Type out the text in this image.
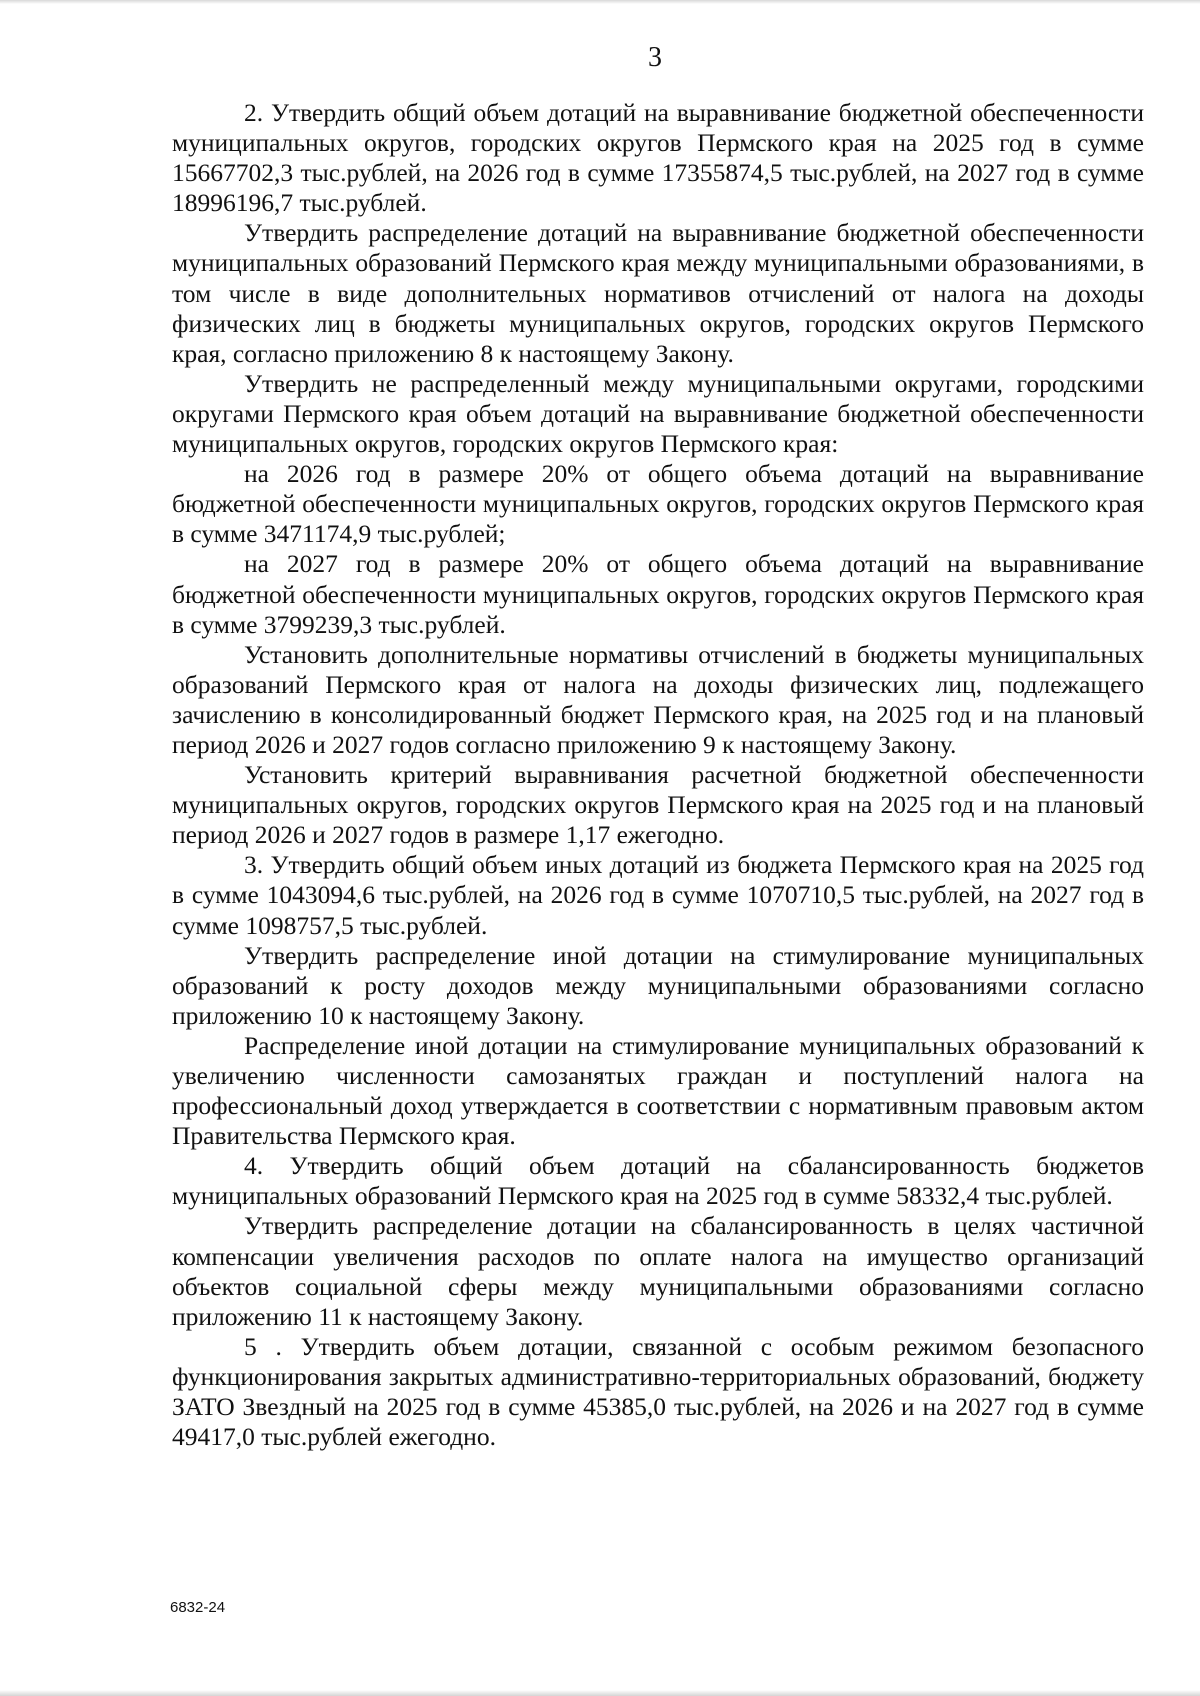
3

2. Утвердить общий объем дотаций на выравнивание бюджетной обеспеченности муниципальных округов, городских округов Пермского края на 2025 год в сумме 15667702,3 тыс.рублей, на 2026 год в сумме 17355874,5 тыс.рублей, на 2027 год в сумме 18996196,7 тыс.рублей.

Утвердить распределение дотаций на выравнивание бюджетной обеспеченности муниципальных образований Пермского края между муниципальными образованиями, в том числе в виде дополнительных нормативов отчислений от налога на доходы физических лиц в бюджеты муниципальных округов, городских округов Пермского края, согласно приложению 8 к настоящему Закону.

Утвердить не распределенный между муниципальными округами, городскими округами Пермского края объем дотаций на выравнивание бюджетной обеспеченности муниципальных округов, городских округов Пермского края:

на 2026 год в размере 20% от общего объема дотаций на выравнивание бюджетной обеспеченности муниципальных округов, городских округов Пермского края в сумме 3471174,9 тыс.рублей;

на 2027 год в размере 20% от общего объема дотаций на выравнивание бюджетной обеспеченности муниципальных округов, городских округов Пермского края в сумме 3799239,3 тыс.рублей.

Установить дополнительные нормативы отчислений в бюджеты муниципальных образований Пермского края от налога на доходы физических лиц, подлежащего зачислению в консолидированный бюджет Пермского края, на 2025 год и на плановый период 2026 и 2027 годов согласно приложению 9 к настоящему Закону.

Установить критерий выравнивания расчетной бюджетной обеспеченности муниципальных округов, городских округов Пермского края на 2025 год и на плановый период 2026 и 2027 годов в размере 1,17 ежегодно.

3. Утвердить общий объем иных дотаций из бюджета Пермского края на 2025 год в сумме 1043094,6 тыс.рублей, на 2026 год в сумме 1070710,5 тыс.рублей, на 2027 год в сумме 1098757,5 тыс.рублей.

Утвердить распределение иной дотации на стимулирование муниципальных образований к росту доходов между муниципальными образованиями согласно приложению 10 к настоящему Закону.

Распределение иной дотации на стимулирование муниципальных образований к увеличению численности самозанятых граждан и поступлений налога на профессиональный доход утверждается в соответствии с нормативным правовым актом Правительства Пермского края.

4. Утвердить общий объем дотаций на сбалансированность бюджетов муниципальных образований Пермского края на 2025 год в сумме 58332,4 тыс.рублей.

Утвердить распределение дотации на сбалансированность в целях частичной компенсации увеличения расходов по оплате налога на имущество организаций объектов социальной сферы между муниципальными образованиями согласно приложению 11 к настоящему Закону.

5 . Утвердить объем дотации, связанной с особым режимом безопасного функционирования закрытых административно-территориальных образований, бюджету ЗАТО Звездный на 2025 год в сумме 45385,0 тыс.рублей, на 2026 и на 2027 год в сумме 49417,0 тыс.рублей ежегодно.

6832-24
